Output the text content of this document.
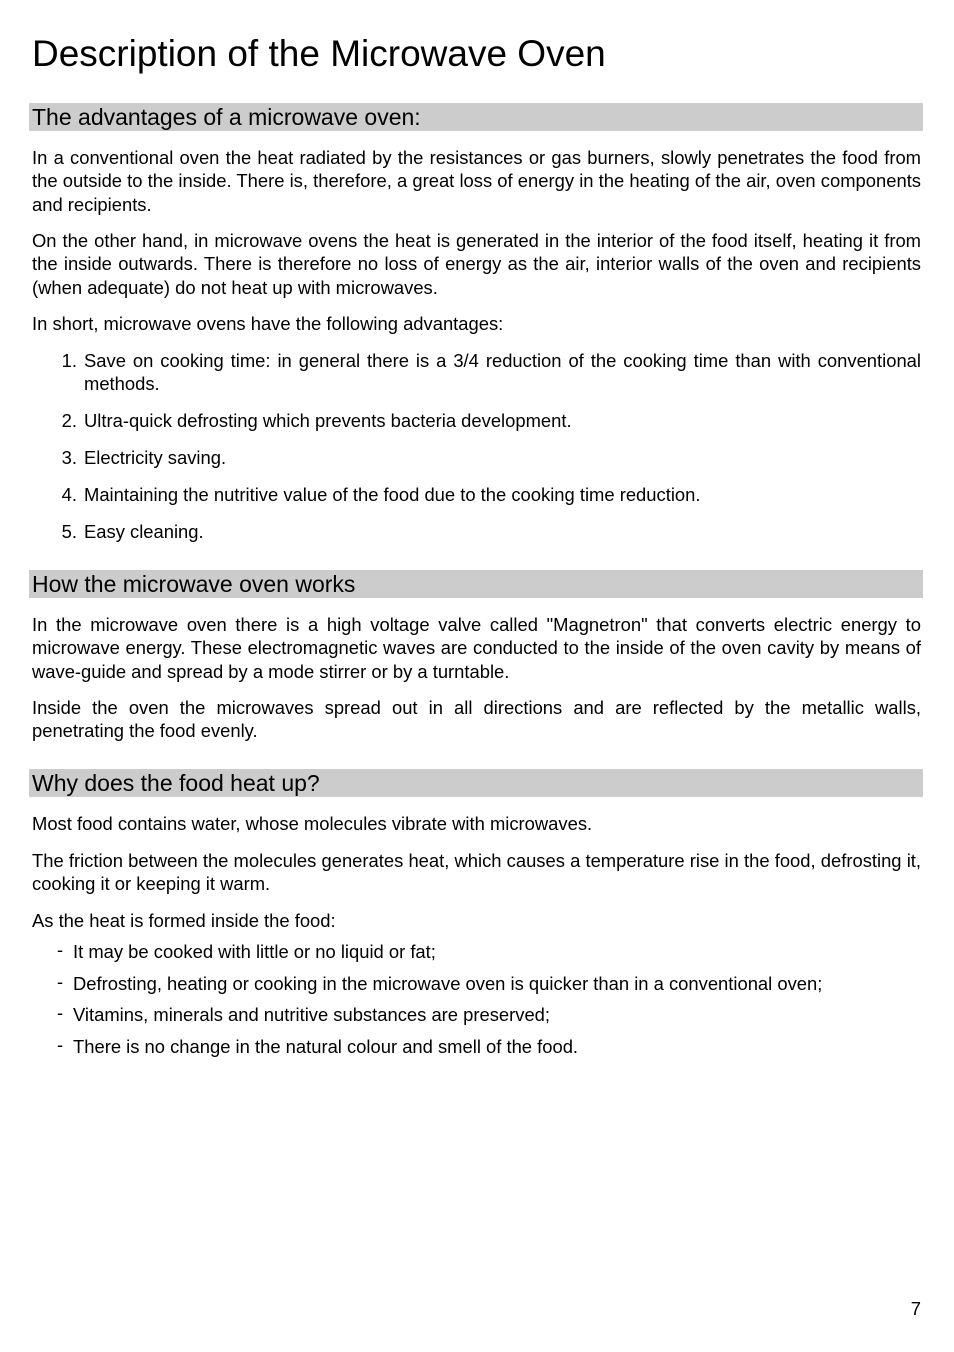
Description of the Microwave Oven
The advantages of a microwave oven:

In a conventional oven the heat radiated by the resistances or gas burners, slowly penetrates the food from the outside to the inside. There is, therefore, a great loss of energy in the heating of the air, oven components and recipients.

On the other hand, in microwave ovens the heat is generated in the interior of the food itself, heating it from the inside outwards. There is therefore no loss of energy as the air, interior walls of the oven and recipients (when adequate) do not heat up with microwaves.

In short, microwave ovens have the following advantages:

1. Save on cooking time: in general there is a 3/4 reduction of the cooking time than with conventional methods.
2. Ultra-quick defrosting which prevents bacteria development.
3. Electricity saving.
4. Maintaining the nutritive value of the food due to the cooking time reduction.
5. Easy cleaning.
How the microwave oven works

In the microwave oven there is a high voltage valve called "Magnetron" that converts electric energy to microwave energy. These electromagnetic waves are conducted to the inside of the oven cavity by means of wave-guide and spread by a mode stirrer or by a turntable.

Inside the oven the microwaves spread out in all directions and are reflected by the metallic walls, penetrating the food evenly.

Why does the food heat up?

Most food contains water, whose molecules vibrate with microwaves.

The friction between the molecules generates heat, which causes a temperature rise in the food, defrosting it, cooking it or keeping it warm.

As the heat is formed inside the food:

- It may be cooked with little or no liquid or fat;
- Defrosting, heating or cooking in the microwave oven is quicker than in a conventional oven;
- Vitamins, minerals and nutritive substances are preserved;
- There is no change in the natural colour and smell of the food.
7
